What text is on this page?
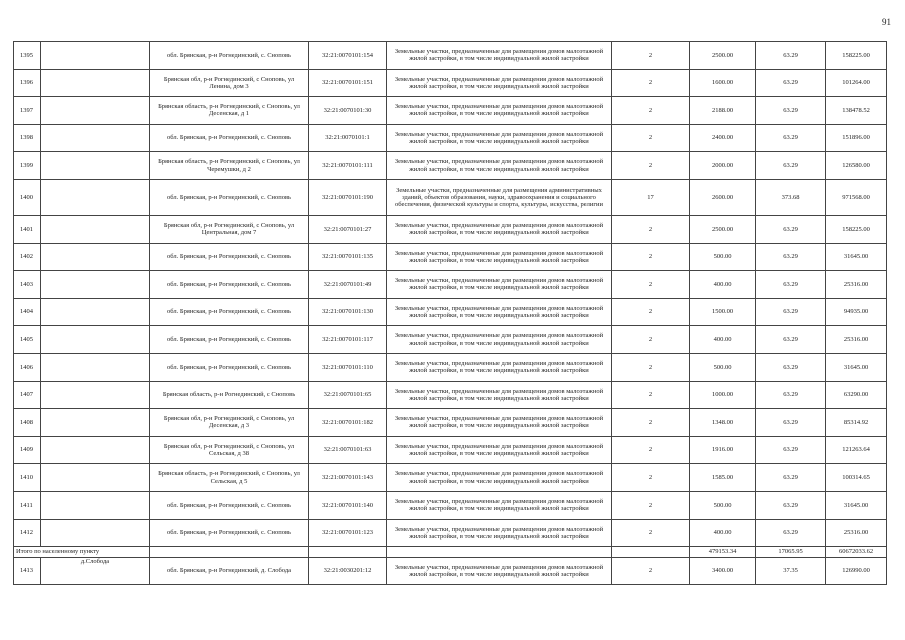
91
1395		обл. Брянская, р-н Рогнединский, с. Сноповь	32:21:0070101:154	Земельные участки, предназначенные для размещения домов малоэтажной жилой застройки, в том числе индивидуальной жилой застройки	2	2500.00	63.29	158225.00
1396		Брянская обл, р-н Рогнединский, с Сноповь, ул Ленина, дом 3	32:21:0070101:151	Земельные участки, предназначенные для размещения домов малоэтажной жилой застройки, в том числе индивидуальной жилой застройки	2	1600.00	63.29	101264.00
1397		Брянская область, р-н Рогнединский, с Сноповь, ул Десенская, д 1	32:21:0070101:30	Земельные участки, предназначенные для размещения домов малоэтажной жилой застройки, в том числе индивидуальной жилой застройки	2	2188.00	63.29	138478.52
1398		обл. Брянская, р-н Рогнединский, с. Сноповь	32:21:0070101:1	Земельные участки, предназначенные для размещения домов малоэтажной жилой застройки, в том числе индивидуальной жилой застройки	2	2400.00	63.29	151896.00
1399		Брянская область, р-н Рогнединский, с Сноповь, ул Черемушки, д 2	32:21:0070101:111	Земельные участки, предназначенные для размещения домов малоэтажной жилой застройки, в том числе индивидуальной жилой застройки	2	2000.00	63.29	126580.00
1400		обл. Брянская, р-н Рогнединский, с. Сноповь	32:21:0070101:190	Земельные участки, предназначенные для размещения административных зданий, объектов образования, науки, здравоохранения и социального обеспечения, физической культуры и спорта, культуры, искусства, религии	17	2600.00	373.68	971568.00
1401		Брянская обл, р-н Рогнединский, с Сноповь, ул Центральная, дом 7	32:21:0070101:27	Земельные участки, предназначенные для размещения домов малоэтажной жилой застройки, в том числе индивидуальной жилой застройки	2	2500.00	63.29	158225.00
1402		обл. Брянская, р-н Рогнединский, с. Сноповь	32:21:0070101:135	Земельные участки, предназначенные для размещения домов малоэтажной жилой застройки, в том числе индивидуальной жилой застройки	2	500.00	63.29	31645.00
1403		обл. Брянская, р-н Рогнединский, с. Сноповь	32:21:0070101:49	Земельные участки, предназначенные для размещения домов малоэтажной жилой застройки, в том числе индивидуальной жилой застройки	2	400.00	63.29	25316.00
1404		обл. Брянская, р-н Рогнединский, с. Сноповь	32:21:0070101:130	Земельные участки, предназначенные для размещения домов малоэтажной жилой застройки, в том числе индивидуальной жилой застройки	2	1500.00	63.29	94935.00
1405		обл. Брянская, р-н Рогнединский, с. Сноповь	32:21:0070101:117	Земельные участки, предназначенные для размещения домов малоэтажной жилой застройки, в том числе индивидуальной жилой застройки	2	400.00	63.29	25316.00
1406		обл. Брянская, р-н Рогнединский, с. Сноповь	32:21:0070101:110	Земельные участки, предназначенные для размещения домов малоэтажной жилой застройки, в том числе индивидуальной жилой застройки	2	500.00	63.29	31645.00
1407		Брянская область, р-н Рогнединский, с Сноповь	32:21:0070101:65	Земельные участки, предназначенные для размещения домов малоэтажной жилой застройки, в том числе индивидуальной жилой застройки	2	1000.00	63.29	63290.00
1408		Брянская обл, р-н Рогнединский, с Сноповь, ул Десенская, д 3	32:21:0070101:182	Земельные участки, предназначенные для размещения домов малоэтажной жилой застройки, в том числе индивидуальной жилой застройки	2	1348.00	63.29	85314.92
1409		Брянская обл, р-н Рогнединский, с Сноповь, ул Сельская, д 38	32:21:0070101:63	Земельные участки, предназначенные для размещения домов малоэтажной жилой застройки, в том числе индивидуальной жилой застройки	2	1916.00	63.29	121263.64
1410		Брянская область, р-н Рогнединский, с Сноповь, ул Сельская, д 5	32:21:0070101:143	Земельные участки, предназначенные для размещения домов малоэтажной жилой застройки, в том числе индивидуальной жилой застройки	2	1585.00	63.29	100314.65
1411		обл. Брянская, р-н Рогнединский, с. Сноповь	32:21:0070101:140	Земельные участки, предназначенные для размещения домов малоэтажной жилой застройки, в том числе индивидуальной жилой застройки	2	500.00	63.29	31645.00
1412		обл. Брянская, р-н Рогнединский, с. Сноповь	32:21:0070101:123	Земельные участки, предназначенные для размещения домов малоэтажной жилой застройки, в том числе индивидуальной жилой застройки	2	400.00	63.29	25316.00
Итого по населенному пункту						479153.34	17065.95	60672033.62
1413	д.Слобода	обл. Брянская, р-н Рогнединский, д. Слобода	32:21:0030201:12	Земельные участки, предназначенные для размещения домов малоэтажной жилой застройки, в том числе индивидуальной жилой застройки	2	3400.00	37.35	126990.00
